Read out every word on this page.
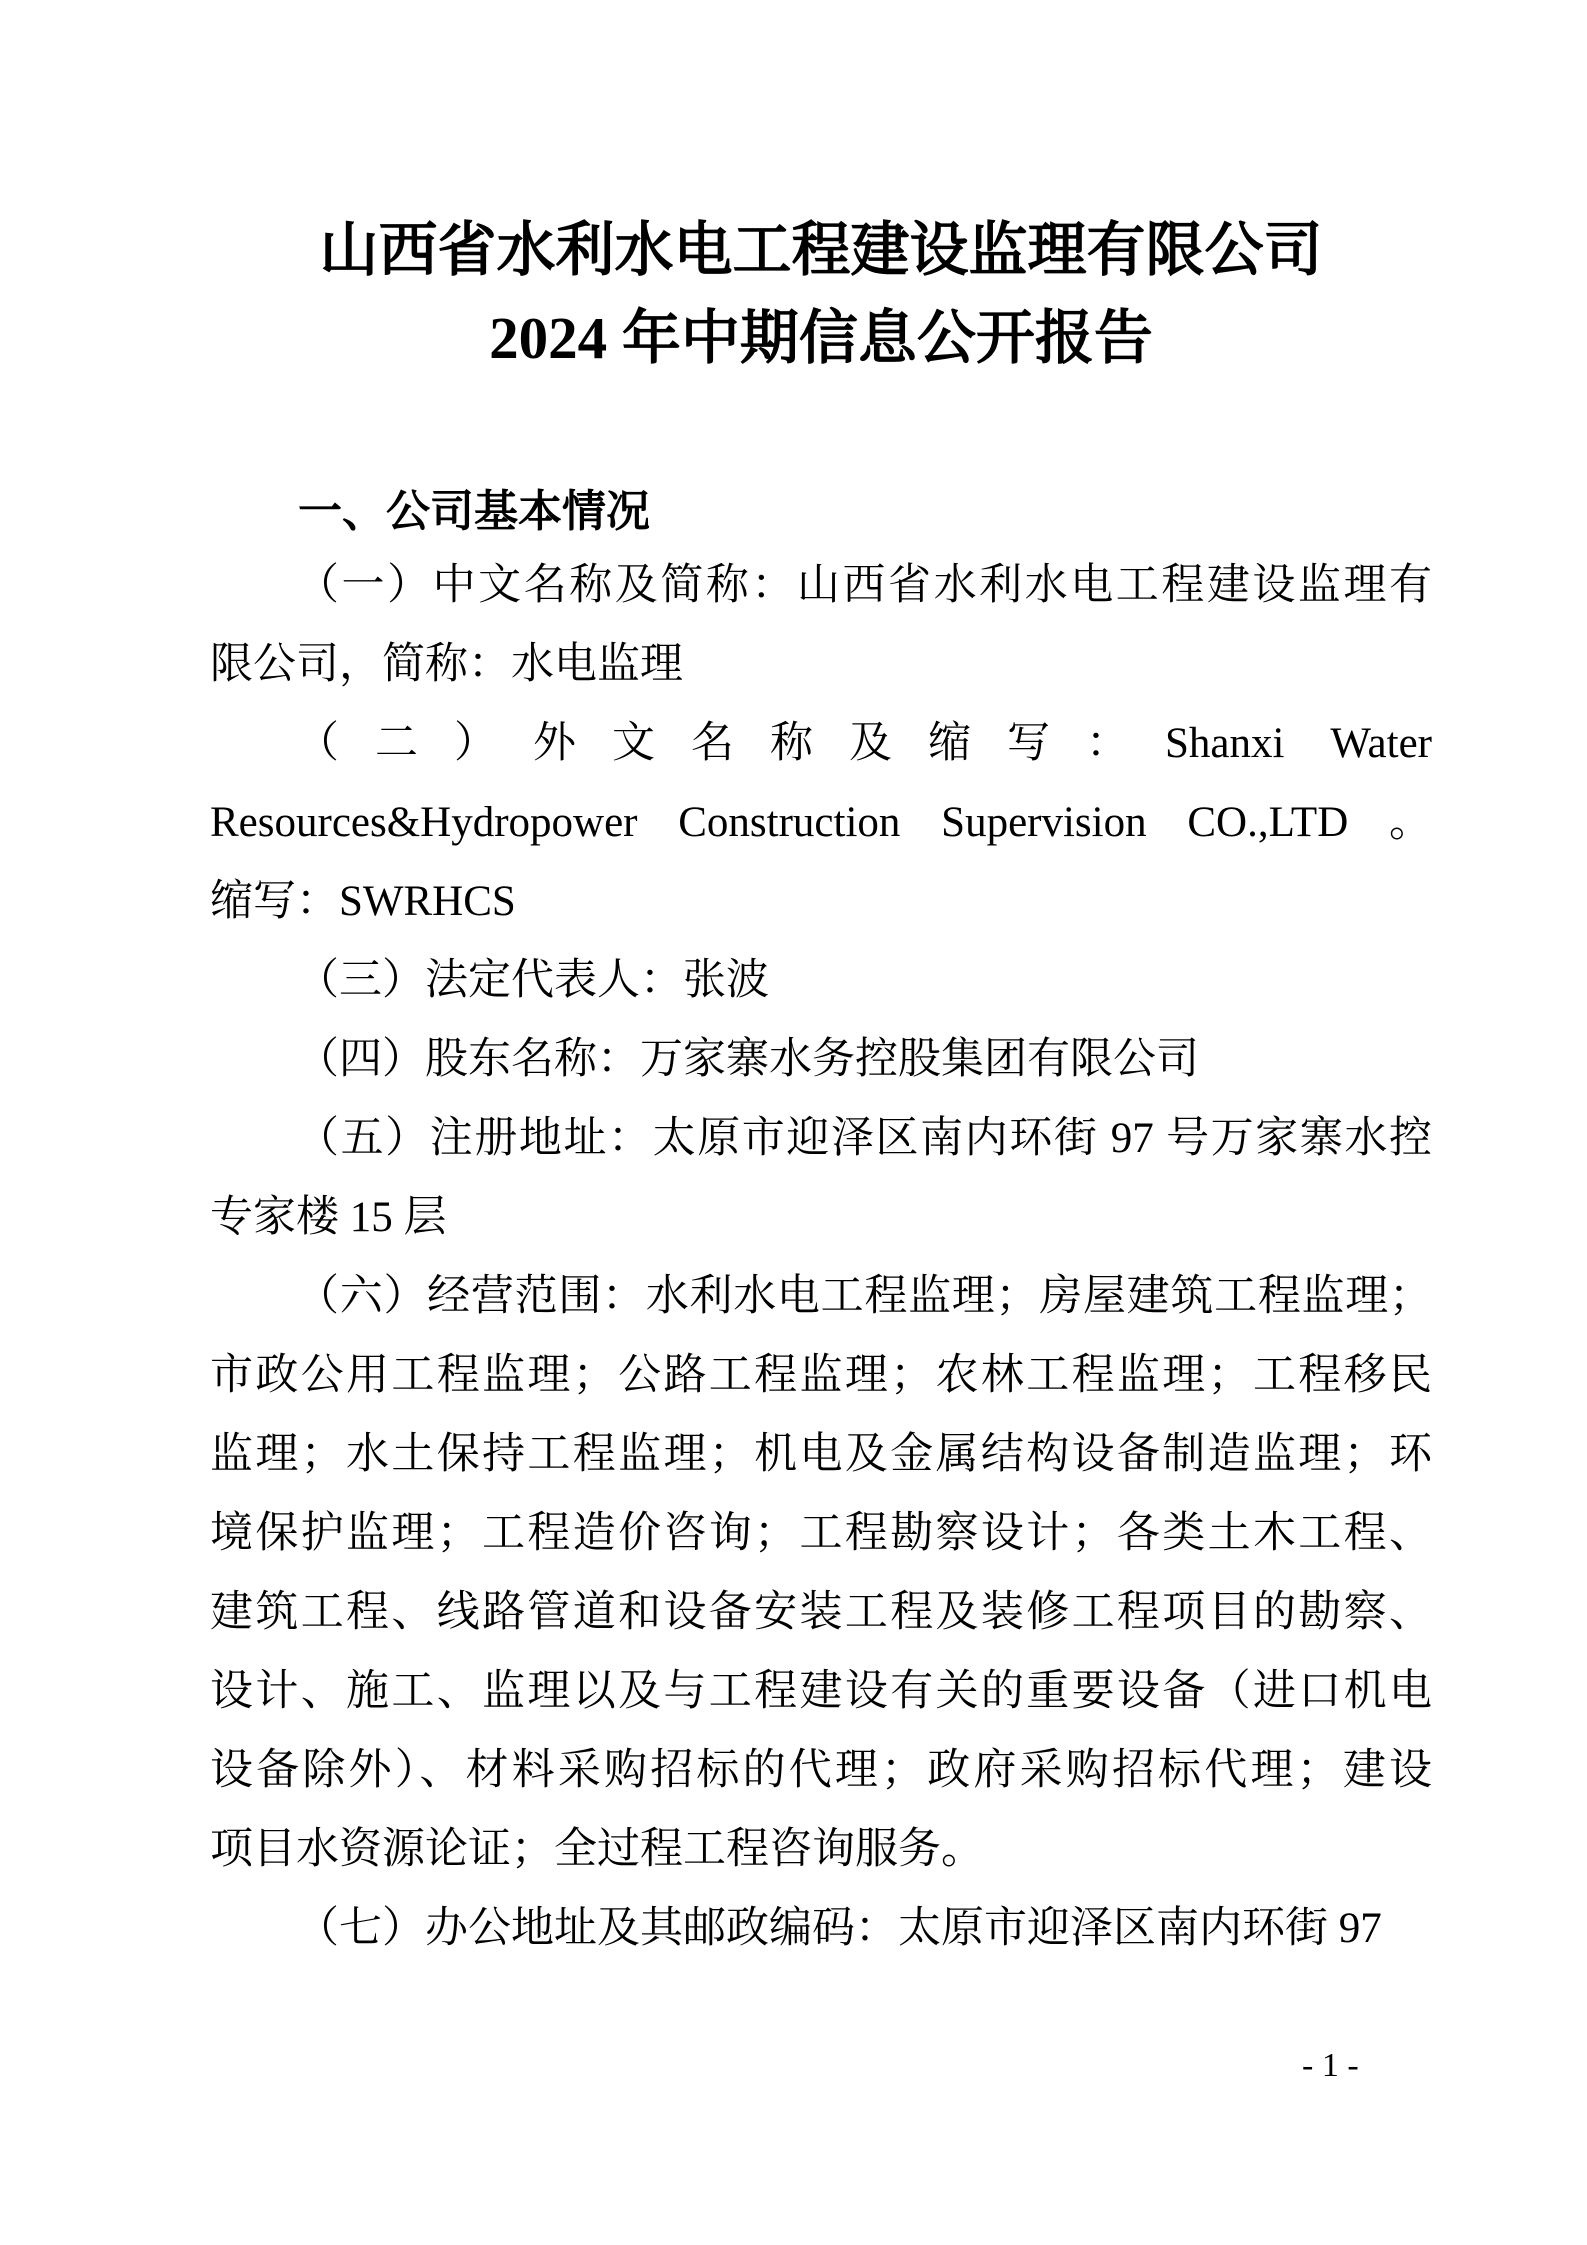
山西省水利水电工程建设监理有限公司
2024 年中期信息公开报告
一、公司基本情况
（一）中文名称及简称：山西省水利水电工程建设监理有
限公司，简称：水电监理
（二）外文名称及缩写：Shanxi Water
Resources&Hydropower Construction Supervision CO.,LTD 。
缩写：SWRHCS
（三）法定代表人：张波
（四）股东名称：万家寨水务控股集团有限公司
（五）注册地址：太原市迎泽区南内环街 97 号万家寨水控
专家楼 15 层
（六）经营范围：水利水电工程监理；房屋建筑工程监理；
市政公用工程监理；公路工程监理；农林工程监理；工程移民
监理；水土保持工程监理；机电及金属结构设备制造监理；环
境保护监理；工程造价咨询；工程勘察设计；各类土木工程、
建筑工程、线路管道和设备安装工程及装修工程项目的勘察、
设计、施工、监理以及与工程建设有关的重要设备（进口机电
设备除外）、材料采购招标的代理；政府采购招标代理；建设
项目水资源论证；全过程工程咨询服务。
（七）办公地址及其邮政编码：太原市迎泽区南内环街 97
- 1 -
